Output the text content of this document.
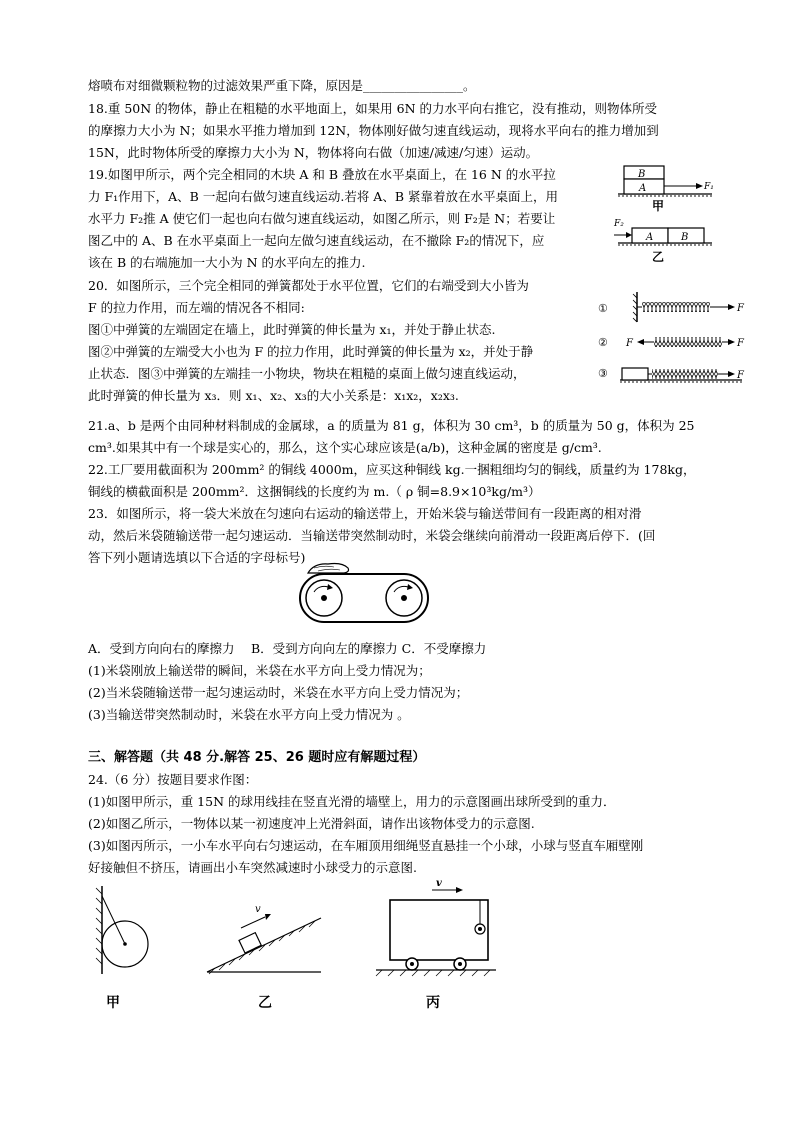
熔喷布对细微颗粒物的过滤效果严重下降，原因是________________。
18.重 50N 的物体，静止在粗糙的水平地面上，如果用 6N 的力水平向右推它，没有推动，则物体所受
的摩擦力大小为 N；如果水平推力增加到 12N，物体刚好做匀速直线运动，现将水平向右的推力增加到
15N，此时物体所受的摩擦力大小为 N，物体将向右做（加速/减速/匀速）运动。
19.如图甲所示，两个完全相同的木块 A 和 B 叠放在水平桌面上，在 16 N 的水平拉
力 F₁作用下，A、B 一起向右做匀速直线运动.若将 A、B 紧靠着放在水平桌面上，用
水平力 F₂推 A 使它们一起也向右做匀速直线运动，如图乙所示，则 F₂是 N；若要让
图乙中的 A、B 在水平桌面上一起向左做匀速直线运动，在不撤除 F₂的情况下，应
该在 B 的右端施加一大小为 N 的水平向左的推力.
20．如图所示，三个完全相同的弹簧都处于水平位置，它们的右端受到大小皆为
F 的拉力作用，而左端的情况各不相同:
图①中弹簧的左端固定在墙上，此时弹簧的伸长量为 x₁，并处于静止状态.
图②中弹簧的左端受大小也为 F 的拉力作用，此时弹簧的伸长量为 x₂，并处于静
止状态．图③中弹簧的左端挂一小物块，物块在粗糙的桌面上做匀速直线运动，
此时弹簧的伸长量为 x₃．则 x₁、x₂、x₃的大小关系是：x₁x₂，x₂x₃.
21.a、b 是两个由同种材料制成的金属球，a 的质量为 81 g，体积为 30 cm³，b 的质量为 50 g，体积为 25
cm³.如果其中有一个球是实心的，那么，这个实心球应该是(a/b)，这种金属的密度是 g/cm³.
22.工厂要用截面积为 200mm² 的铜线 4000m，应买这种铜线 kg.一捆粗细均匀的铜线，质量约为 178kg，
铜线的横截面积是 200mm²．这捆铜线的长度约为 m.（ ρ 铜=8.9×10³kg/m³）
23．如图所示，将一袋大米放在匀速向右运动的输送带上，开始米袋与输送带间有一段距离的相对滑
动，然后米袋随输送带一起匀速运动．当输送带突然制动时，米袋会继续向前滑动一段距离后停下．(回
答下列小题请选填以下合适的字母标号)
A．受到方向向右的摩擦力　 B．受到方向向左的摩擦力 C．不受摩擦力
(1)米袋刚放上输送带的瞬间，米袋在水平方向上受力情况为；
(2)当米袋随输送带一起匀速运动时，米袋在水平方向上受力情况为；
(3)当输送带突然制动时，米袋在水平方向上受力情况为 。
三、解答题（共 48 分.解答 25、26 题时应有解题过程）
24.（6 分）按题目要求作图：
(1)如图甲所示，重 15N 的球用线挂在竖直光滑的墙壁上，用力的示意图画出球所受到的重力．
(2)如图乙所示，一物体以某一初速度冲上光滑斜面，请作出该物体受力的示意图.
(3)如图丙所示，一小车水平向右匀速运动，在车厢顶用细绳竖直悬挂一个小球，小球与竖直车厢壁刚
好接触但不挤压，请画出小车突然减速时小球受力的示意图.
B
A	F₁
甲
F₂
A	B
乙
①	F
② F	F
③	F
甲
v
乙
v
丙
